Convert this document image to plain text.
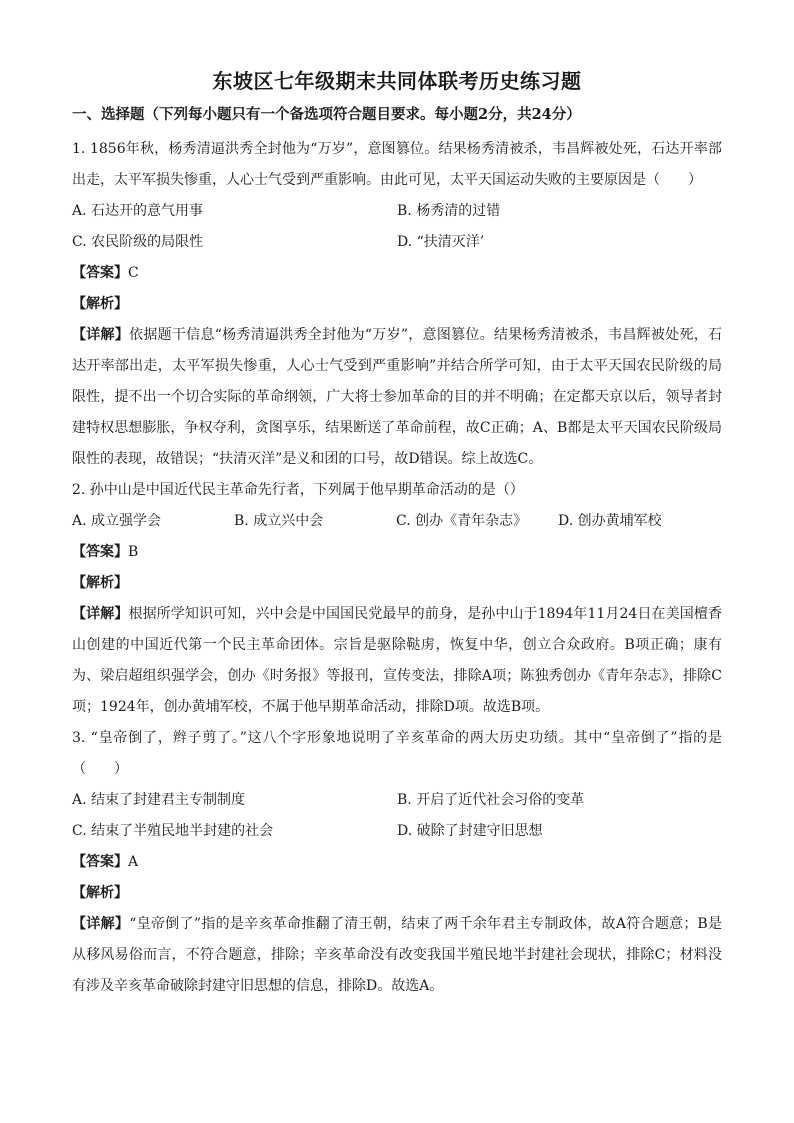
东坡区七年级期末共同体联考历史练习题
一、选择题（下列每小题只有一个备选项符合题目要求。每小题2分，共24分）

1. 1856年秋，杨秀清逼洪秀全封他为“万岁”，意图篡位。结果杨秀清被杀，韦昌辉被处死，石达开率部出走，太平军损失惨重，人心士气受到严重影响。由此可见，太平天国运动失败的主要原因是（　　）

A. 石达开的意气用事	B. 杨秀清的过错
C. 农民阶级的局限性	D. “扶清灭洋’

【答案】C

【解析】

【详解】依据题干信息“杨秀清逼洪秀全封他为“万岁”，意图篡位。结果杨秀清被杀，韦昌辉被处死，石达开率部出走，太平军损失惨重，人心士气受到严重影响”并结合所学可知，由于太平天国农民阶级的局限性，提不出一个切合实际的革命纲领，广大将士参加革命的目的并不明确；在定都天京以后，领导者封建特权思想膨胀，争权夺利，贪图享乐，结果断送了革命前程，故C正确；A、B都是太平天国农民阶级局限性的表现，故错误；“扶清灭洋”是义和团的口号，故D错误。综上故选C。

2. 孙中山是中国近代民主革命先行者，下列属于他早期革命活动的是（）

A. 成立强学会	B. 成立兴中会	C. 创办《青年杂志》	D. 创办黄埔军校

【答案】B

【解析】

【详解】根据所学知识可知，兴中会是中国国民党最早的前身，是孙中山于1894年11月24日在美国檀香山创建的中国近代第一个民主革命团体。宗旨是驱除鞑虏，恢复中华，创立合众政府。B项正确；康有为、梁启超组织强学会，创办《时务报》等报刊，宣传变法，排除A项；陈独秀创办《青年杂志》，排除C项；1924年，创办黄埔军校，不属于他早期革命活动，排除D项。故选B项。

3. “皇帝倒了，辫子剪了。”这八个字形象地说明了辛亥革命的两大历史功绩。其中“皇帝倒了”指的是（　　）

A. 结束了封建君主专制制度	B. 开启了近代社会习俗的变革
C. 结束了半殖民地半封建的社会	D. 破除了封建守旧思想

【答案】A

【解析】

【详解】“皇帝倒了”指的是辛亥革命推翻了清王朝，结束了两千余年君主专制政体，故A符合题意；B是从移风易俗而言，不符合题意，排除；辛亥革命没有改变我国半殖民地半封建社会现状，排除C；材料没有涉及辛亥革命破除封建守旧思想的信息，排除D。故选A。
